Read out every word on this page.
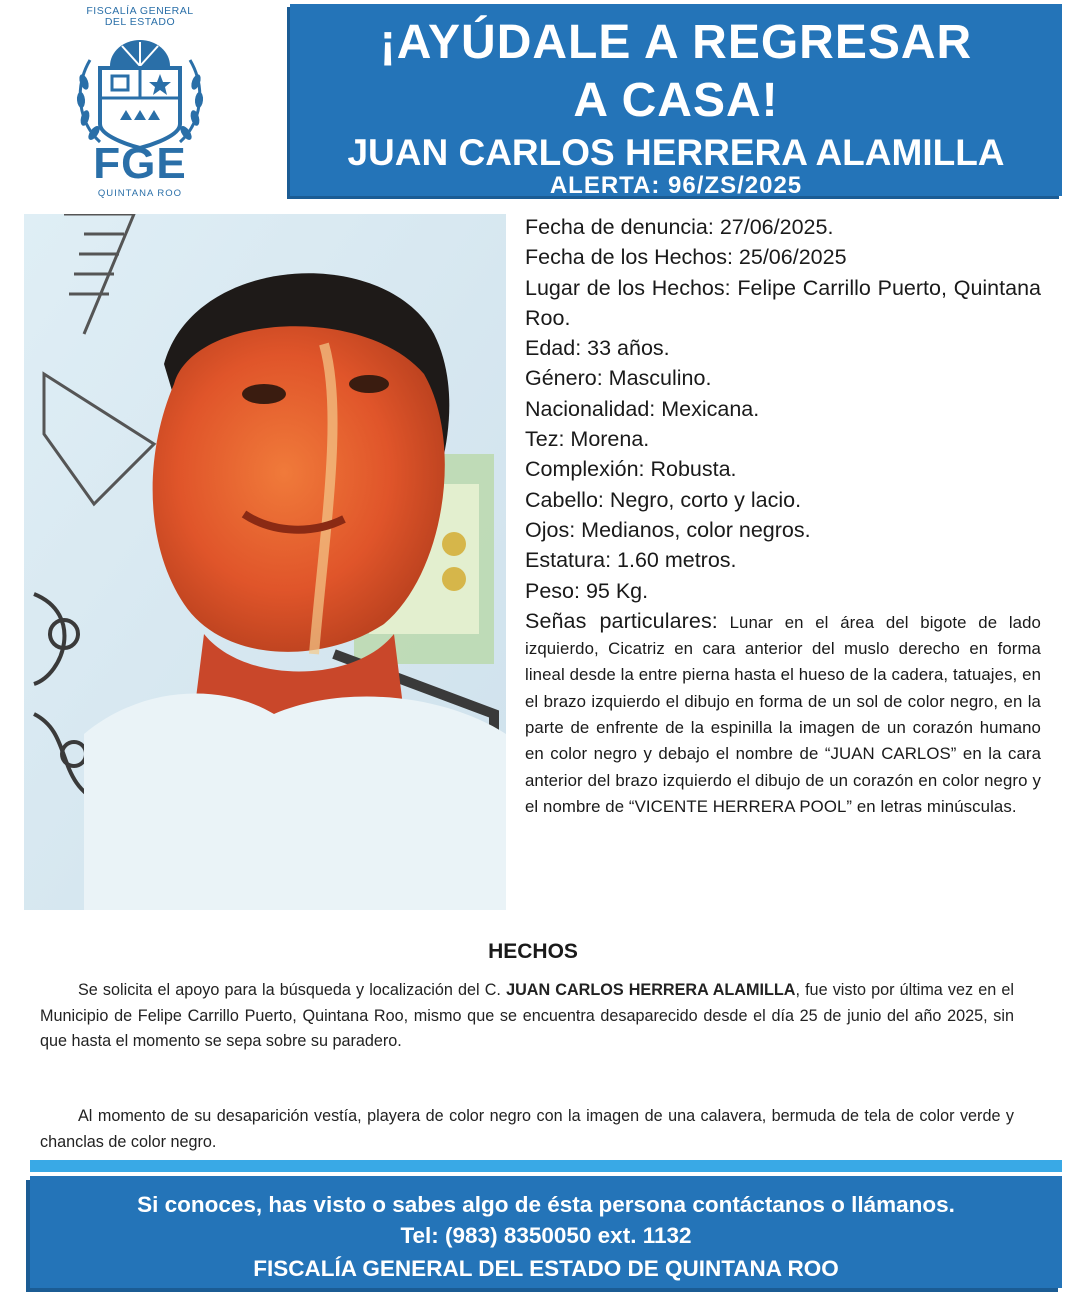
FISCALÍA GENERAL
DEL ESTADO
FGE
QUINTANA ROO
¡AYÚDALE A REGRESAR
A CASA!
JUAN CARLOS HERRERA ALAMILLA
ALERTA: 96/ZS/2025
Fecha de denuncia: 27/06/2025.
Fecha de los Hechos: 25/06/2025
Lugar de los Hechos: Felipe Carrillo Puerto, Quintana Roo.
Edad: 33 años.
Género: Masculino.
Nacionalidad: Mexicana.
Tez: Morena.
Complexión: Robusta.
Cabello: Negro, corto y lacio.
Ojos: Medianos, color negros.
Estatura: 1.60 metros.
Peso: 95 Kg.
Señas particulares: Lunar en el área del bigote de lado izquierdo, Cicatriz en cara anterior del muslo derecho en forma lineal desde la entre pierna hasta el hueso de la cadera, tatuajes, en el brazo izquierdo el dibujo en forma de un sol de color negro, en la parte de enfrente de la espinilla la imagen de un corazón humano en color negro y debajo el nombre de “JUAN CARLOS” en la cara anterior del brazo izquierdo el dibujo de un corazón en color negro y el nombre de “VICENTE HERRERA POOL” en letras minúsculas.
HECHOS
Se solicita el apoyo para la búsqueda y localización del C. JUAN CARLOS HERRERA ALAMILLA, fue visto por última vez en el Municipio de Felipe Carrillo Puerto, Quintana Roo, mismo que se encuentra desaparecido desde el día 25 de junio del año 2025, sin que hasta el momento se sepa sobre su paradero.
Al momento de su desaparición vestía, playera de color negro con la imagen de una calavera, bermuda de tela de color verde y chanclas de color negro.
Si conoces, has visto o sabes algo de ésta persona contáctanos o llámanos.
Tel: (983) 8350050 ext. 1132
FISCALÍA GENERAL DEL ESTADO DE QUINTANA ROO
